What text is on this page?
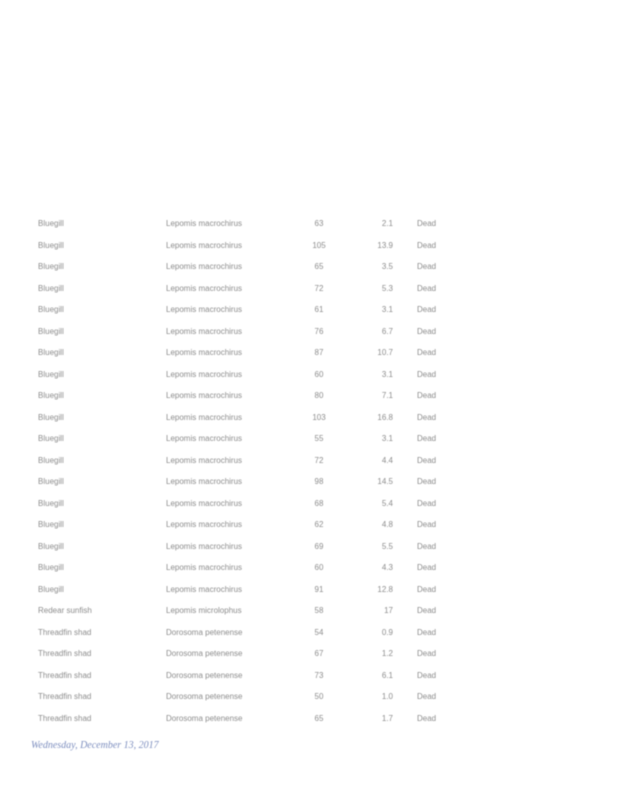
Bluegill	Lepomis macrochirus	63	2.1	Dead
Bluegill	Lepomis macrochirus	105	13.9	Dead
Bluegill	Lepomis macrochirus	65	3.5	Dead
Bluegill	Lepomis macrochirus	72	5.3	Dead
Bluegill	Lepomis macrochirus	61	3.1	Dead
Bluegill	Lepomis macrochirus	76	6.7	Dead
Bluegill	Lepomis macrochirus	87	10.7	Dead
Bluegill	Lepomis macrochirus	60	3.1	Dead
Bluegill	Lepomis macrochirus	80	7.1	Dead
Bluegill	Lepomis macrochirus	103	16.8	Dead
Bluegill	Lepomis macrochirus	55	3.1	Dead
Bluegill	Lepomis macrochirus	72	4.4	Dead
Bluegill	Lepomis macrochirus	98	14.5	Dead
Bluegill	Lepomis macrochirus	68	5.4	Dead
Bluegill	Lepomis macrochirus	62	4.8	Dead
Bluegill	Lepomis macrochirus	69	5.5	Dead
Bluegill	Lepomis macrochirus	60	4.3	Dead
Bluegill	Lepomis macrochirus	91	12.8	Dead
Redear sunfish	Lepomis microlophus	58	17	Dead
Threadfin shad	Dorosoma petenense	54	0.9	Dead
Threadfin shad	Dorosoma petenense	67	1.2	Dead
Threadfin shad	Dorosoma petenense	73	6.1	Dead
Threadfin shad	Dorosoma petenense	50	1.0	Dead
Threadfin shad	Dorosoma petenense	65	1.7	Dead
Wednesday, December 13, 2017
